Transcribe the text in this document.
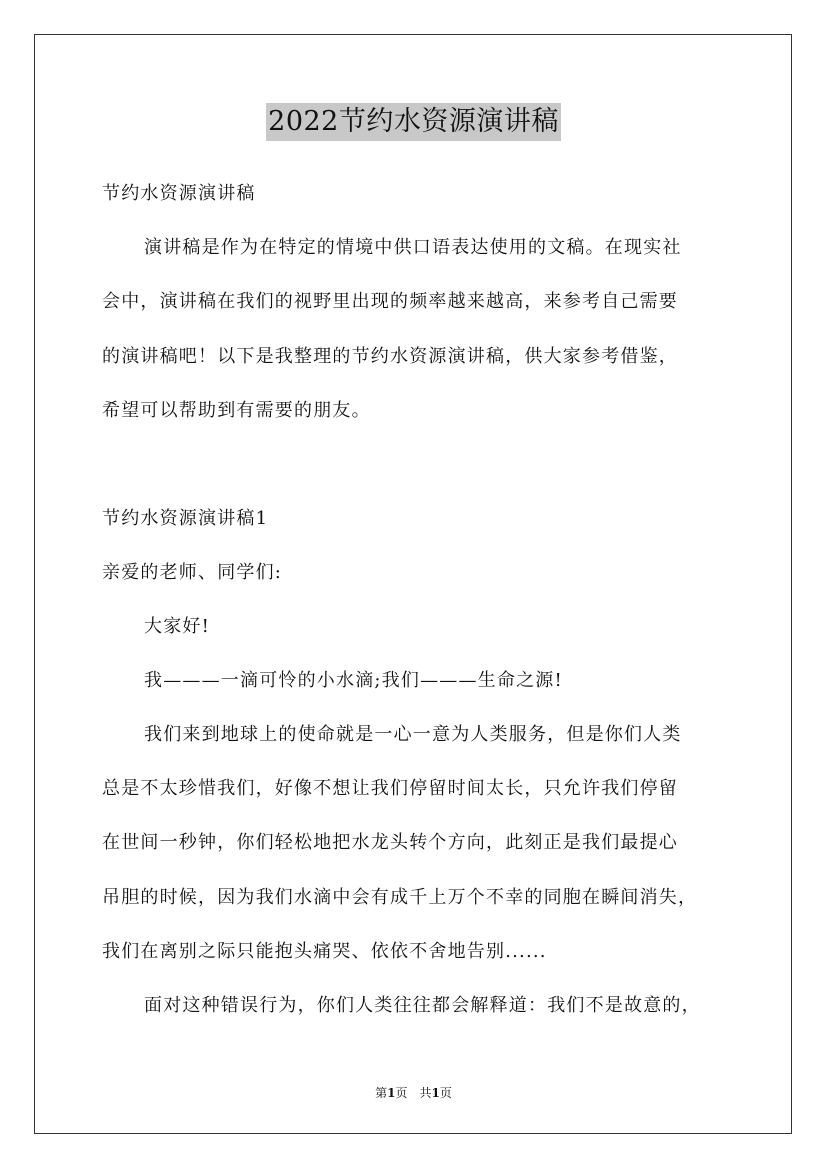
2022节约水资源演讲稿
节约水资源演讲稿
演讲稿是作为在特定的情境中供口语表达使用的文稿。在现实社
会中，演讲稿在我们的视野里出现的频率越来越高，来参考自己需要
的演讲稿吧！以下是我整理的节约水资源演讲稿，供大家参考借鉴，
希望可以帮助到有需要的朋友。
节约水资源演讲稿1
亲爱的老师、同学们:
大家好!
我———一滴可怜的小水滴;我们———生命之源!
我们来到地球上的使命就是一心一意为人类服务，但是你们人类
总是不太珍惜我们，好像不想让我们停留时间太长，只允许我们停留
在世间一秒钟，你们轻松地把水龙头转个方向，此刻正是我们最提心
吊胆的时候，因为我们水滴中会有成千上万个不幸的同胞在瞬间消失，
我们在离别之际只能抱头痛哭、依依不舍地告别......
面对这种错误行为，你们人类往往都会解释道：我们不是故意的，
第1页　共1页
